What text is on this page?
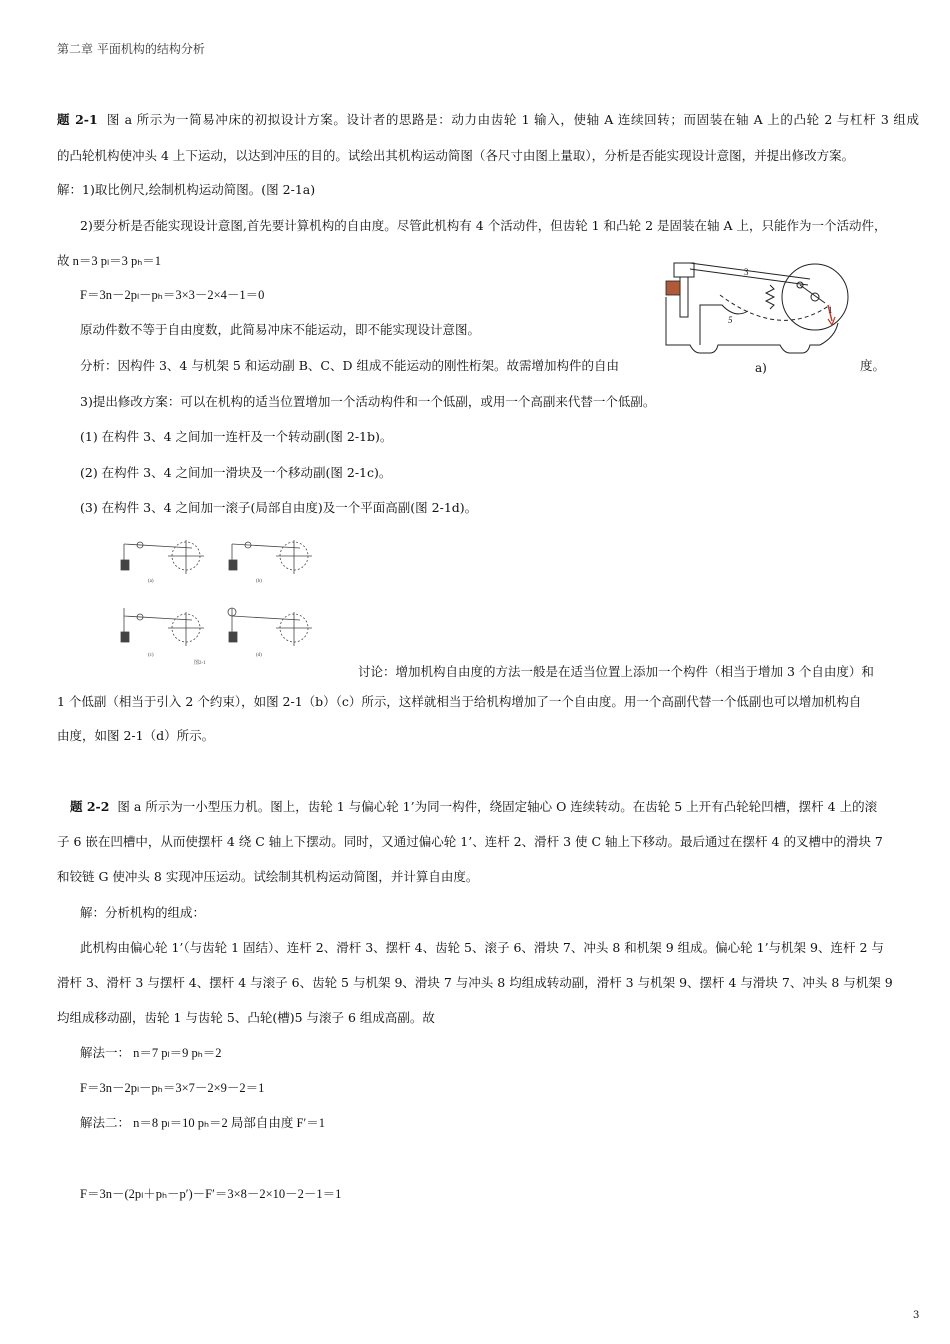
第二章 平面机构的结构分析
题 2-1 图 a 所示为一简易冲床的初拟设计方案。设计者的思路是：动力由齿轮 1 输入，使轴 A 连续回转；而固装在轴 A 上的凸轮 2 与杠杆 3 组成
的凸轮机构使冲头 4 上下运动，以达到冲压的目的。试绘出其机构运动简图（各尺寸由图上量取），分析是否能实现设计意图，并提出修改方案。
解：1)取比例尺,绘制机构运动简图。(图 2-1a)
2)要分析是否能实现设计意图,首先要计算机构的自由度。尽管此机构有 4 个活动件，但齿轮 1 和凸轮 2 是固装在轴 A 上，只能作为一个活动件，
故 n＝3 pₗ＝3 pₕ＝1
F＝3n－2pₗ－pₕ＝3×3－2×4－1＝0
原动件数不等于自由度数，此简易冲床不能运动，即不能实现设计意图。
分析：因构件 3、4 与机架 5 和运动副 B、C、D 组成不能运动的刚性桁架。故需增加构件的自由	度。
3)提出修改方案：可以在机构的适当位置增加一个活动构件和一个低副，或用一个高副来代替一个低副。
(1) 在构件 3、4 之间加一连杆及一个转动副(图 2-1b)。
(2) 在构件 3、4 之间加一滑块及一个移动副(图 2-1c)。
(3) 在构件 3、4 之间加一滚子(局部自由度)及一个平面高副(图 2-1d)。
3
5
1
a)
(a)	(b)
(c)	(d)
图2-1
讨论：增加机构自由度的方法一般是在适当位置上添加一个构件（相当于增加 3 个自由度）和
1 个低副（相当于引入 2 个约束），如图 2-1（b）（c）所示，这样就相当于给机构增加了一个自由度。用一个高副代替一个低副也可以增加机构自
由度，如图 2-1（d）所示。
题 2-2 图 a 所示为一小型压力机。图上，齿轮 1 与偏心轮 1’为同一构件，绕固定轴心 O 连续转动。在齿轮 5 上开有凸轮轮凹槽，摆杆 4 上的滚
子 6 嵌在凹槽中，从而使摆杆 4 绕 C 轴上下摆动。同时，又通过偏心轮 1’、连杆 2、滑杆 3 使 C 轴上下移动。最后通过在摆杆 4 的叉槽中的滑块 7
和铰链 G 使冲头 8 实现冲压运动。试绘制其机构运动简图，并计算自由度。
解：分析机构的组成：
此机构由偏心轮 1’（与齿轮 1 固结）、连杆 2、滑杆 3、摆杆 4、齿轮 5、滚子 6、滑块 7、冲头 8 和机架 9 组成。偏心轮 1’与机架 9、连杆 2 与
滑杆 3、滑杆 3 与摆杆 4、摆杆 4 与滚子 6、齿轮 5 与机架 9、滑块 7 与冲头 8 均组成转动副，滑杆 3 与机架 9、摆杆 4 与滑块 7、冲头 8 与机架 9
均组成移动副，齿轮 1 与齿轮 5、凸轮(槽)5 与滚子 6 组成高副。故
解法一： n＝7 pₗ＝9 pₕ＝2
F＝3n－2pₗ－pₕ＝3×7－2×9－2＝1
解法二： n＝8 pₗ＝10 pₕ＝2 局部自由度 F′＝1
F＝3n－(2pₗ＋pₕ－p′)－F′＝3×8－2×10－2－1＝1
3
